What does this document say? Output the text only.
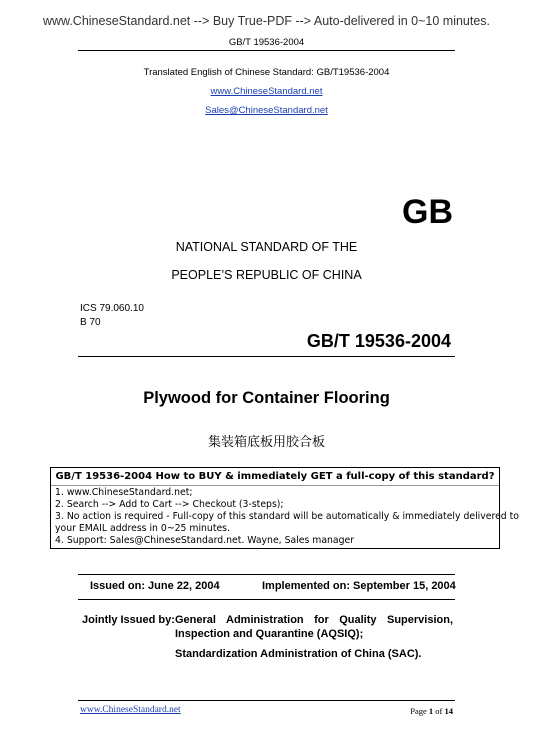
www.ChineseStandard.net --> Buy True-PDF --> Auto-delivered in 0~10 minutes.
GB/T 19536-2004
Translated English of Chinese Standard: GB/T19536-2004
www.ChineseStandard.net
Sales@ChineseStandard.net
GB
NATIONAL STANDARD OF THE
PEOPLE’S REPUBLIC OF CHINA
ICS 79.060.10
B 70
GB/T 19536-2004
Plywood for Container Flooring
集装箱底板用胶合板
GB/T 19536-2004 How to BUY & immediately GET a full-copy of this standard?
1. www.ChineseStandard.net;
2. Search --> Add to Cart --> Checkout (3-steps);
3. No action is required - Full-copy of this standard will be automatically & immediately delivered to
your EMAIL address in 0~25 minutes.
4. Support: Sales@ChineseStandard.net. Wayne, Sales manager
Issued on: June 22, 2004	Implemented on: September 15, 2004
Jointly Issued by: General Administration for Quality Supervision,
Inspection and Quarantine (AQSIQ);
Standardization Administration of China (SAC).
www.ChineseStandard.net	Page 1 of 14
